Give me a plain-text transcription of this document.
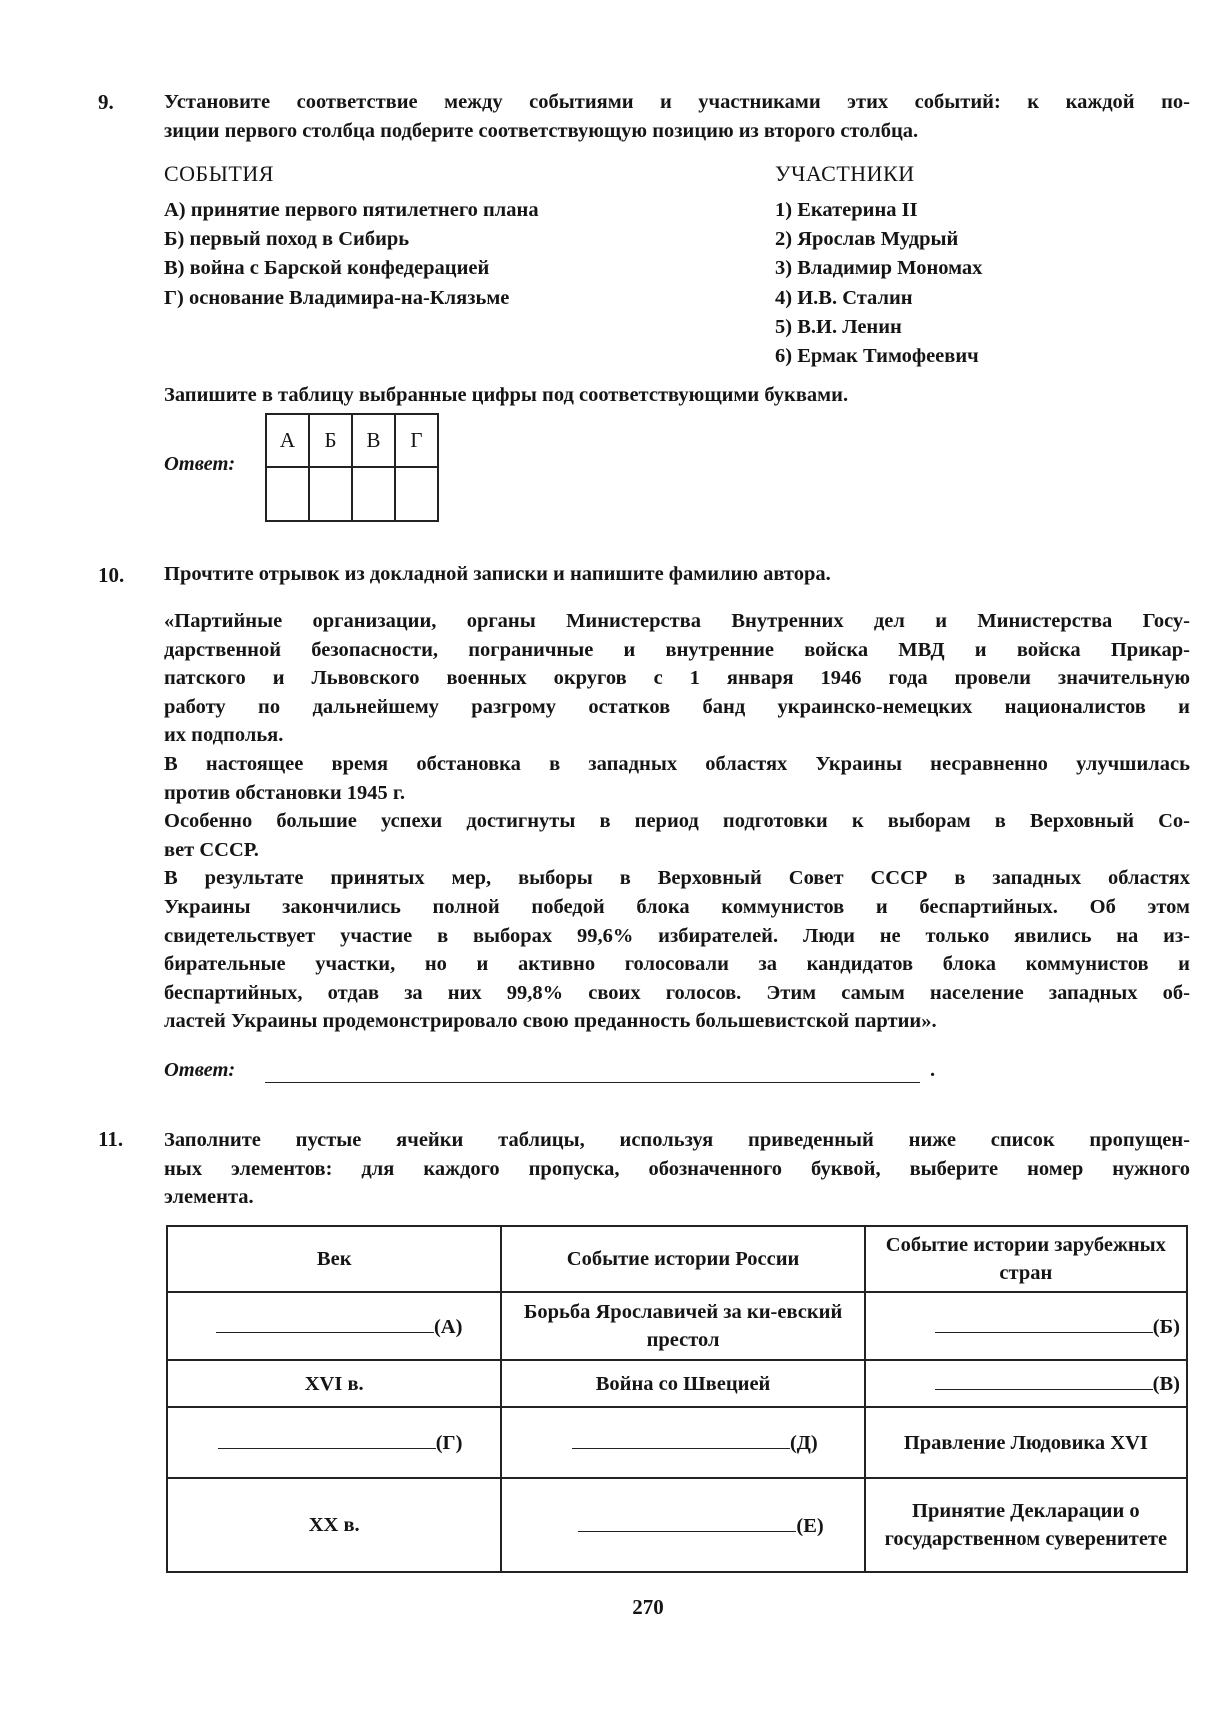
9. Установите соответствие между событиями и участниками этих событий: к каждой по-
зиции первого столбца подберите соответствующую позицию из второго столбца.
СОБЫТИЯ	УЧАСТНИКИ
А) принятие первого пятилетнего плана
Б) первый поход в Сибирь
В) война с Барской конфедерацией
Г) основание Владимира-на-Клязьме
1) Екатерина II
2) Ярослав Мудрый
3) Владимир Мономах
4) И.В. Сталин
5) В.И. Ленин
6) Ермак Тимофеевич
Запишите в таблицу выбранные цифры под соответствующими буквами.
Ответ:
А	Б	В	Г

10. Прочтите отрывок из докладной записки и напишите фамилию автора.
«Партийные организации, органы Министерства Внутренних дел и Министерства Госу-
дарственной безопасности, пограничные и внутренние войска МВД и войска Прикар-
патского и Львовского военных округов с 1 января 1946 года провели значительную
работу по дальнейшему разгрому остатков банд украинско-немецких националистов и
их подполья.
В настоящее время обстановка в западных областях Украины несравненно улучшилась
против обстановки 1945 г.
Особенно большие успехи достигнуты в период подготовки к выборам в Верховный Со-
вет СССР.
В результате принятых мер, выборы в Верховный Совет СССР в западных областях
Украины закончились полной победой блока коммунистов и беспартийных. Об этом
свидетельствует участие в выборах 99,6% избирателей. Люди не только явились на из-
бирательные участки, но и активно голосовали за кандидатов блока коммунистов и
беспартийных, отдав за них 99,8% своих голосов. Этим самым население западных об-
ластей Украины продемонстрировало свою преданность большевистской партии».
Ответ:	.
11. Заполните пустые ячейки таблицы, используя приведенный ниже список пропущен-
ных элементов: для каждого пропуска, обозначенного буквой, выберите номер нужного
элемента.
Век	Событие истории России	Событие истории зарубежных стран
(А)	Борьба Ярославичей за ки-евский престол	(Б)
XVI в.	Война со Швецией	(В)
(Г)	(Д)	Правление Людовика XVI
XX в.	(Е)	Принятие Декларации о государственном суверенитете
270
